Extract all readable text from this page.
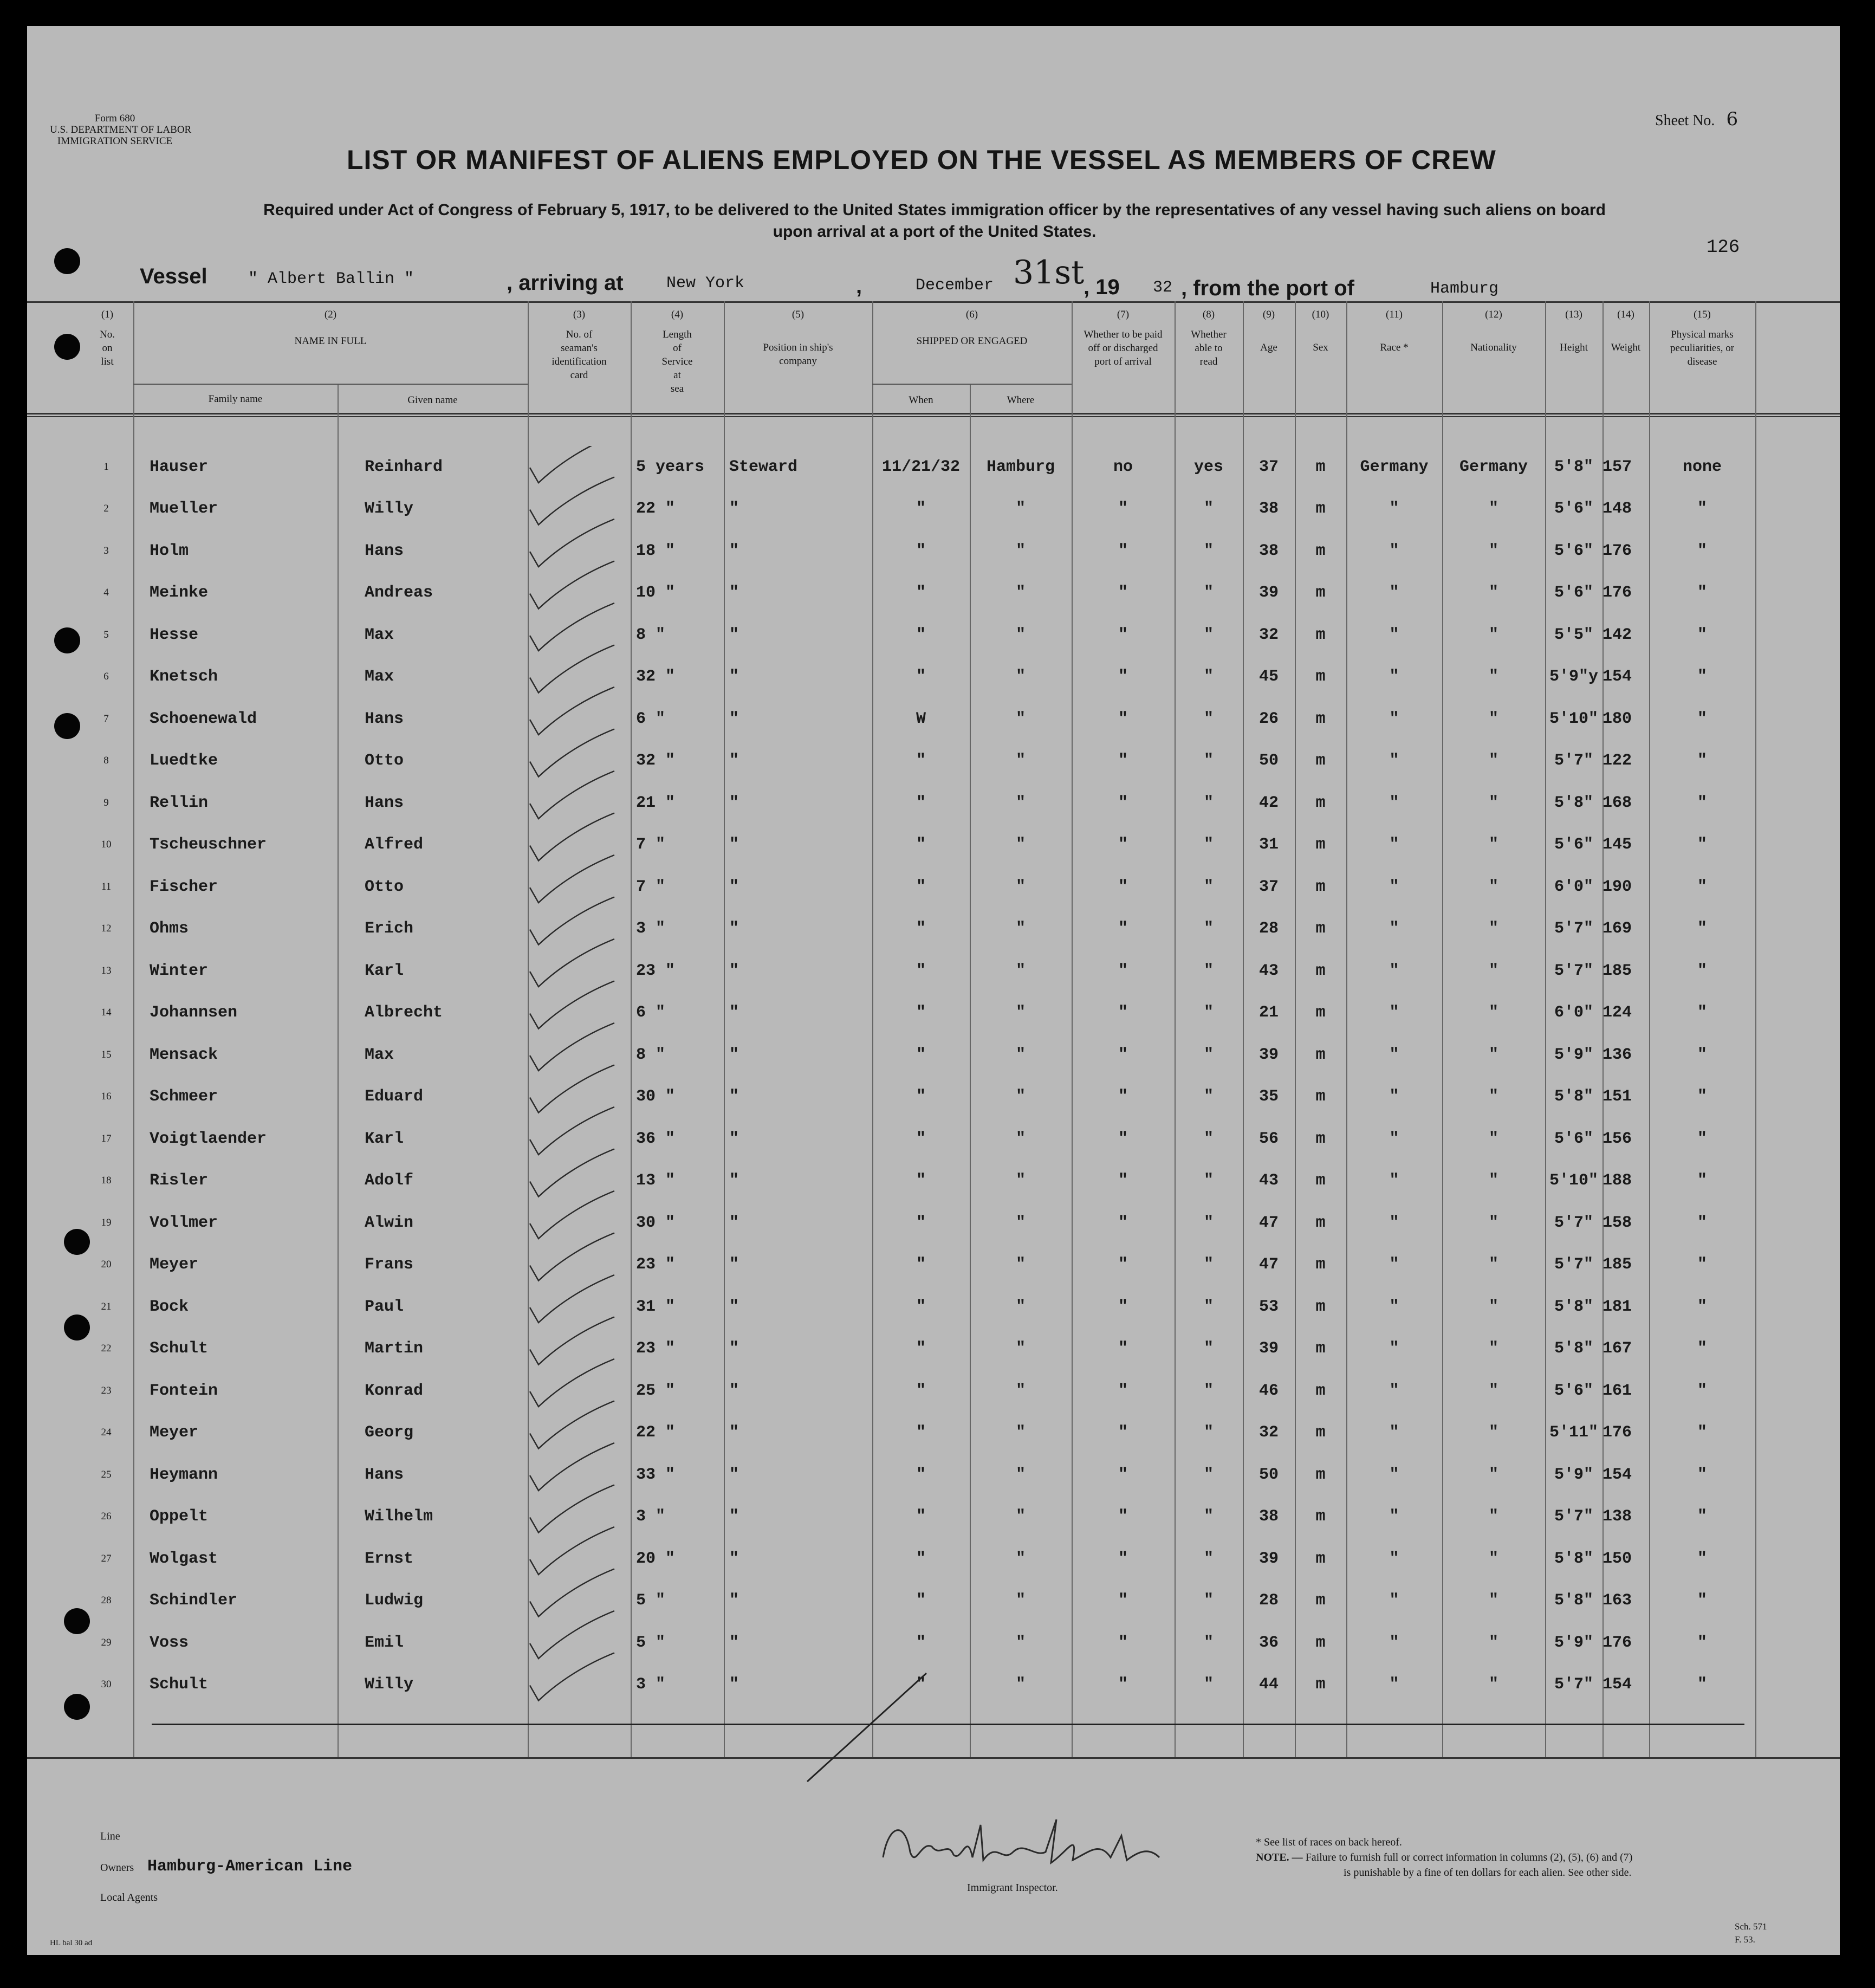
Form 680
U.S. DEPARTMENT OF LABOR
IMMIGRATION SERVICE
Sheet No. 6
LIST OR MANIFEST OF ALIENS EMPLOYED ON THE VESSEL AS MEMBERS OF CREW
Required under Act of Congress of February 5, 1917, to be delivered to the United States immigration officer by the representatives of any vessel having such aliens on board
upon arrival at a port of the United States.
126
Vessel	" Albert Ballin "	, arriving at	New York	,	December 31st
, 19 32 , from the port of	Hamburg
(1)
No.
on
list
(2)
NAME IN FULL
Family name	Given name
(3)
No. of
seaman's
identification
card
(4)
Length
of
Service
at
sea
(5)
Position in ship's
company
(6)
SHIPPED OR ENGAGED
When	Where
(7)
Whether to be paid
off or discharged
port of arrival
(8)
Whether
able to
read
(9)
Age
(10)
Sex
(11)
Race *
(12)
Nationality
(13)
Height
(14)
Weight
(15)
Physical marks
peculiarities, or
disease
1	Hauser	Reinhard		5 years	Steward	11/21/32	Hamburg	no	yes	37	m	Germany	Germany	5'8"	157	none
2	Mueller	Willy		22 "	"	"	"	"	"	38	m	"	"	5'6"	148	"
3	Holm	Hans		18 "	"	"	"	"	"	38	m	"	"	5'6"	176	"
4	Meinke	Andreas		10 "	"	"	"	"	"	39	m	"	"	5'6"	176	"
5	Hesse	Max		8 "	"	"	"	"	"	32	m	"	"	5'5"	142	"
6	Knetsch	Max		32 "	"	"	"	"	"	45	m	"	"	5'9"y	154	"
7	Schoenewald	Hans		6 "	"	W	"	"	"	26	m	"	"	5'10"	180	"
8	Luedtke	Otto		32 "	"	"	"	"	"	50	m	"	"	5'7"	122	"
9	Rellin	Hans		21 "	"	"	"	"	"	42	m	"	"	5'8"	168	"
10	Tscheuschner	Alfred		7 "	"	"	"	"	"	31	m	"	"	5'6"	145	"
11	Fischer	Otto		7 "	"	"	"	"	"	37	m	"	"	6'0"	190	"
12	Ohms	Erich		3 "	"	"	"	"	"	28	m	"	"	5'7"	169	"
13	Winter	Karl		23 "	"	"	"	"	"	43	m	"	"	5'7"	185	"
14	Johannsen	Albrecht		6 "	"	"	"	"	"	21	m	"	"	6'0"	124	"
15	Mensack	Max		8 "	"	"	"	"	"	39	m	"	"	5'9"	136	"
16	Schmeer	Eduard		30 "	"	"	"	"	"	35	m	"	"	5'8"	151	"
17	Voigtlaender	Karl		36 "	"	"	"	"	"	56	m	"	"	5'6"	156	"
18	Risler	Adolf		13 "	"	"	"	"	"	43	m	"	"	5'10"	188	"
19	Vollmer	Alwin		30 "	"	"	"	"	"	47	m	"	"	5'7"	158	"
20	Meyer	Frans		23 "	"	"	"	"	"	47	m	"	"	5'7"	185	"
21	Bock	Paul		31 "	"	"	"	"	"	53	m	"	"	5'8"	181	"
22	Schult	Martin		23 "	"	"	"	"	"	39	m	"	"	5'8"	167	"
23	Fontein	Konrad		25 "	"	"	"	"	"	46	m	"	"	5'6"	161	"
24	Meyer	Georg		22 "	"	"	"	"	"	32	m	"	"	5'11"	176	"
25	Heymann	Hans		33 "	"	"	"	"	"	50	m	"	"	5'9"	154	"
26	Oppelt	Wilhelm		3 "	"	"	"	"	"	38	m	"	"	5'7"	138	"
27	Wolgast	Ernst		20 "	"	"	"	"	"	39	m	"	"	5'8"	150	"
28	Schindler	Ludwig		5 "	"	"	"	"	"	28	m	"	"	5'8"	163	"
29	Voss	Emil		5 "	"	"	"	"	"	36	m	"	"	5'9"	176	"
30	Schult	Willy		3 "	"	"	"	"	"	44	m	"	"	5'7"	154	"
Line
Owners Hamburg-American Line
Local Agents
Immigrant Inspector.
* See list of races on back hereof.
NOTE. — Failure to furnish full or correct information in columns (2), (5), (6) and (7)
is punishable by a fine of ten dollars for each alien. See other side.
Sch. 571
F. 53.
HL bal 30 ad
